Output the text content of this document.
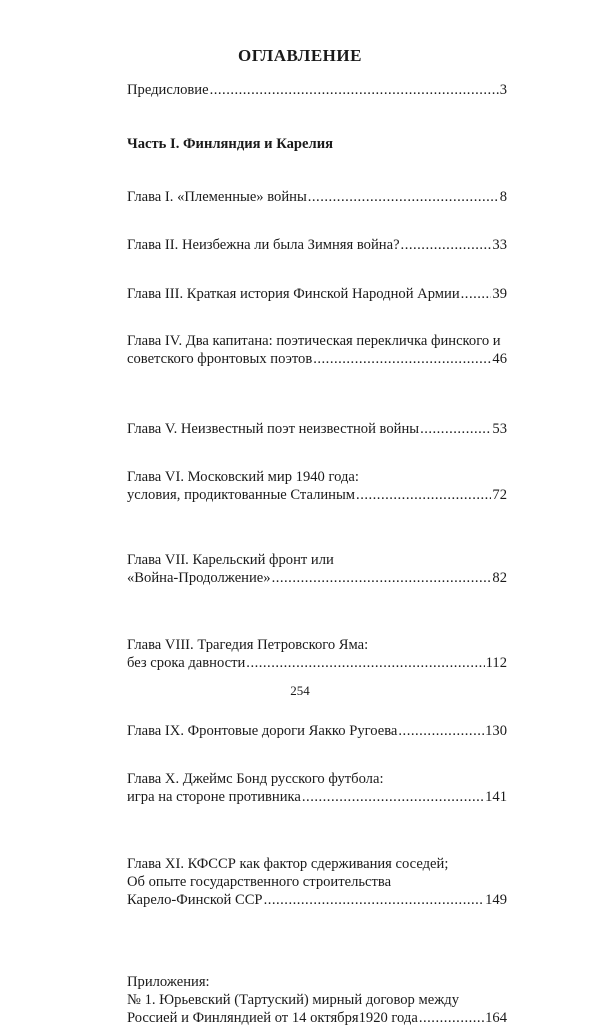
ОГЛАВЛЕНИЕ
Предисловие .....	3
Часть I. Финляндия и Карелия
Глава I. «Племенные» войны .....	8
Глава II. Неизбежна ли была Зимняя война? .....	33
Глава III. Краткая история Финской Народной Армии ..... 39
Глава IV. Два капитана: поэтическая перекличка финского и
советского фронтовых поэтов .....	46
Глава V. Неизвестный поэт неизвестной войны .....	53
Глава VI. Московский мир 1940 года:
условия, продиктованные Сталиным .....	72
Глава VII. Карельский фронт или
«Война-Продолжение» .....	82
Глава VIII. Трагедия Петровского Яма:
без срока давности .....	112
Глава IX. Фронтовые дороги Яакко Ругоева .....	130
Глава X. Джеймс Бонд русского футбола:
игра на стороне противника .....	141
Глава XI. КФССР как фактор сдерживания соседей;
Об опыте государственного строительства
Карело-Финской ССР .....	149
Приложения:
№ 1. Юрьевский (Тартуский) мирный договор между
Россией и Финляндией от 14 октября1920 года .....	164
254
